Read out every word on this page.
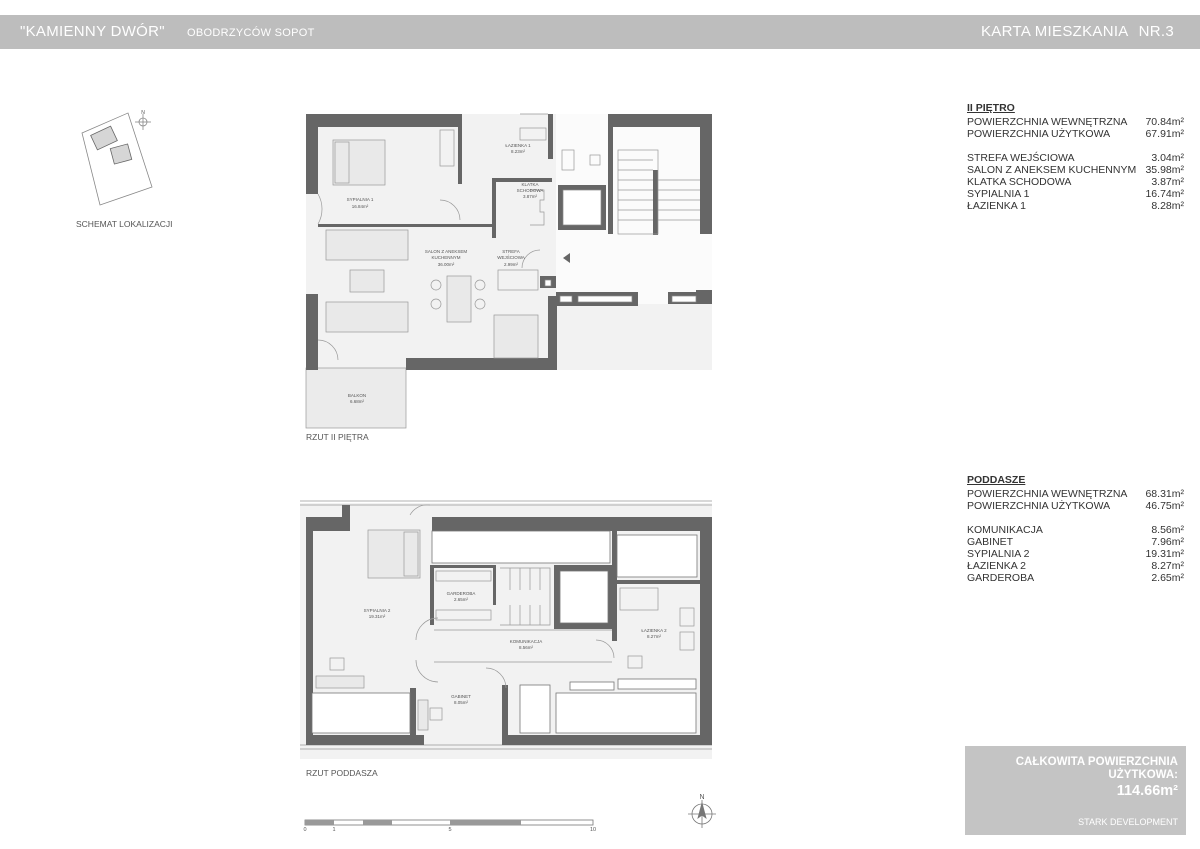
"KAMIENNY DWÓR" OBODRZYCÓW SOPOT	KARTA MIESZKANIA NR.3
N
SYPIALNIA 1
16.84m²
ŁAZIENKA 1
8.23m²
KLATKA
SCHODOWA
3.87m²
SALON Z ANEKSEM
KUCHENNYM
36.00m²
STREFA
WEJŚCIOWA
2.99m²
BALKON
6.68m²
SYPIALNIA 2
19.31m²
GARDEROBA
2.65m²
KOMUNIKACJA
8.56m²
ŁAZIENKA 2
8.27m²
GABINET
8.05m²
N
0	1	5	10
SCHEMAT LOKALIZACJI
RZUT II PIĘTRA
RZUT PODDASZA
II PIĘTRO
POWIERZCHNIA WEWNĘTRZNA 70.84m²
POWIERZCHNIA UŻYTKOWA	67.91m²
STREFA WEJŚCIOWA	3.04m²
SALON Z ANEKSEM KUCHENNYM 35.98m²
KLATKA SCHODOWA	3.87m²
SYPIALNIA 1	16.74m²
ŁAZIENKA 1	8.28m²
PODDASZE
POWIERZCHNIA WEWNĘTRZNA 68.31m²
POWIERZCHNIA UŻYTKOWA	46.75m²
KOMUNIKACJA	8.56m²
GABINET	7.96m²
SYPIALNIA 2	19.31m²
ŁAZIENKA 2	8.27m²
GARDEROBA	2.65m²
CAŁKOWITA POWIERZCHNIA
UŻYTKOWA:
114.66m²
STARK DEVELOPMENT
